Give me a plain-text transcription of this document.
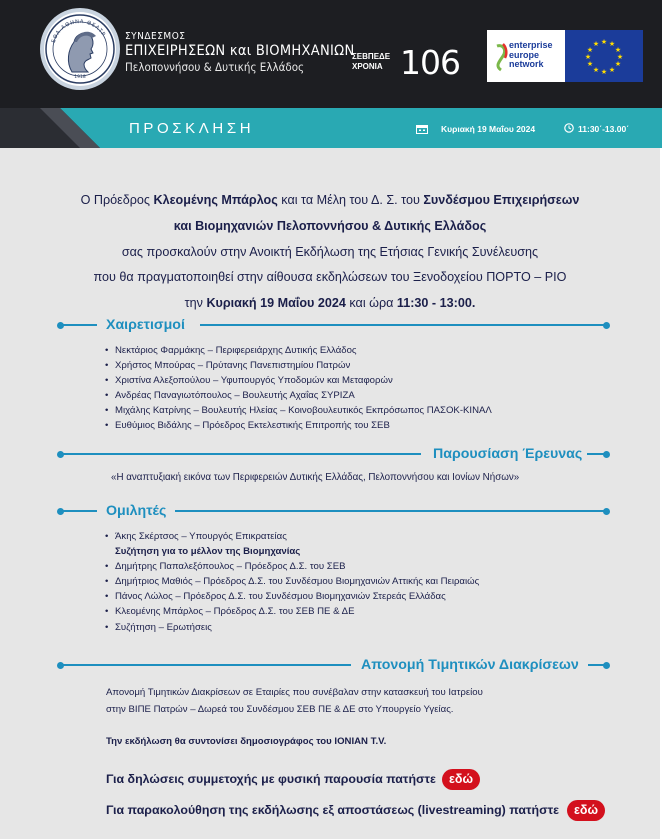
ΕΘΑ ΑΘΗΝΑ ΘΕΑΤΡ
1918
ΣΥΝΔΕΣΜΟΣ
ΕΠΙΧΕΙΡΗΣΕΩΝ και ΒΙΟΜΗΧΑΝΙΩΝ
Πελοποννήσου & Δυτικής Ελλάδος
ΣΕΒΠΕΔΕ
ΧΡΟΝΙΑ 106	enterprise
europe
network
★ ★
★
★
★
★
★
★
★
★
★
★
ΠΡΟΣΚΛΗΣΗ	Κυριακή 19 Μαΐου 2024	11:30΄-13.00΄
Ο Πρόεδρος Κλεομένης Μπάρλος και τα Μέλη του Δ. Σ. του Συνδέσμου Επιχειρήσεων
και Βιομηχανιών Πελοποννήσου & Δυτικής Ελλάδος
σας προσκαλούν στην Ανοικτή Εκδήλωση της Ετήσιας Γενικής Συνέλευσης
που θα πραγματοποιηθεί στην αίθουσα εκδηλώσεων του Ξενοδοχείου ΠΟΡΤΟ – ΡΙΟ
την Κυριακή 19 Μαΐου 2024 και ώρα 11:30 - 13:00.
Χαιρετισμοί
• Νεκτάριος Φαρμάκης – Περιφερειάρχης Δυτικής Ελλάδος
• Χρήστος Μπούρας – Πρύτανης Πανεπιστημίου Πατρών
• Χριστίνα Αλεξοπούλου – Υφυπουργός Υποδομών και Μεταφορών
• Ανδρέας Παναγιωτόπουλος – Βουλευτής Αχαΐας ΣΥΡΙΖΑ
• Μιχάλης Κατρίνης – Βουλευτής Ηλείας – Κοινοβουλευτικός Εκπρόσωπος ΠΑΣΟΚ-ΚΙΝΑΛ
• Ευθύμιος Βιδάλης – Πρόεδρος Εκτελεστικής Επιτροπής του ΣΕΒ
Παρουσίαση Έρευνας
«Η αναπτυξιακή εικόνα των Περιφερειών Δυτικής Ελλάδας, Πελοποννήσου και Ιονίων Νήσων»
Ομιλητές
• Άκης Σκέρτσος – Υπουργός Επικρατείας
Συζήτηση για το μέλλον της Βιομηχανίας
• Δημήτρης Παπαλεξόπουλος – Πρόεδρος Δ.Σ. του ΣΕΒ
• Δημήτριος Μαθιός – Πρόεδρος Δ.Σ. του Συνδέσμου Βιομηχανιών Αττικής και Πειραιώς
• Πάνος Λώλος – Πρόεδρος Δ.Σ. του Συνδέσμου Βιομηχανιών Στερεάς Ελλάδας
• Κλεομένης Μπάρλος – Πρόεδρος Δ.Σ. του ΣΕΒ ΠΕ & ΔΕ
• Συζήτηση – Ερωτήσεις
Απονομή Τιμητικών Διακρίσεων
Απονομή Τιμητικών Διακρίσεων σε Εταιρίες που συνέβαλαν στην κατασκευή του Ιατρείου
στην ΒΙΠΕ Πατρών – Δωρεά του Συνδέσμου ΣΕΒ ΠΕ & ΔΕ στο Υπουργείο Υγείας.
Την εκδήλωση θα συντονίσει δημοσιογράφος του ΙΟΝΙΑΝ T.V.
Για δηλώσεις συμμετοχής με φυσική παρουσία πατήστε	εδώ
Για παρακολούθηση της εκδήλωσης εξ αποστάσεως (livestreaming) πατήστε	εδώ
